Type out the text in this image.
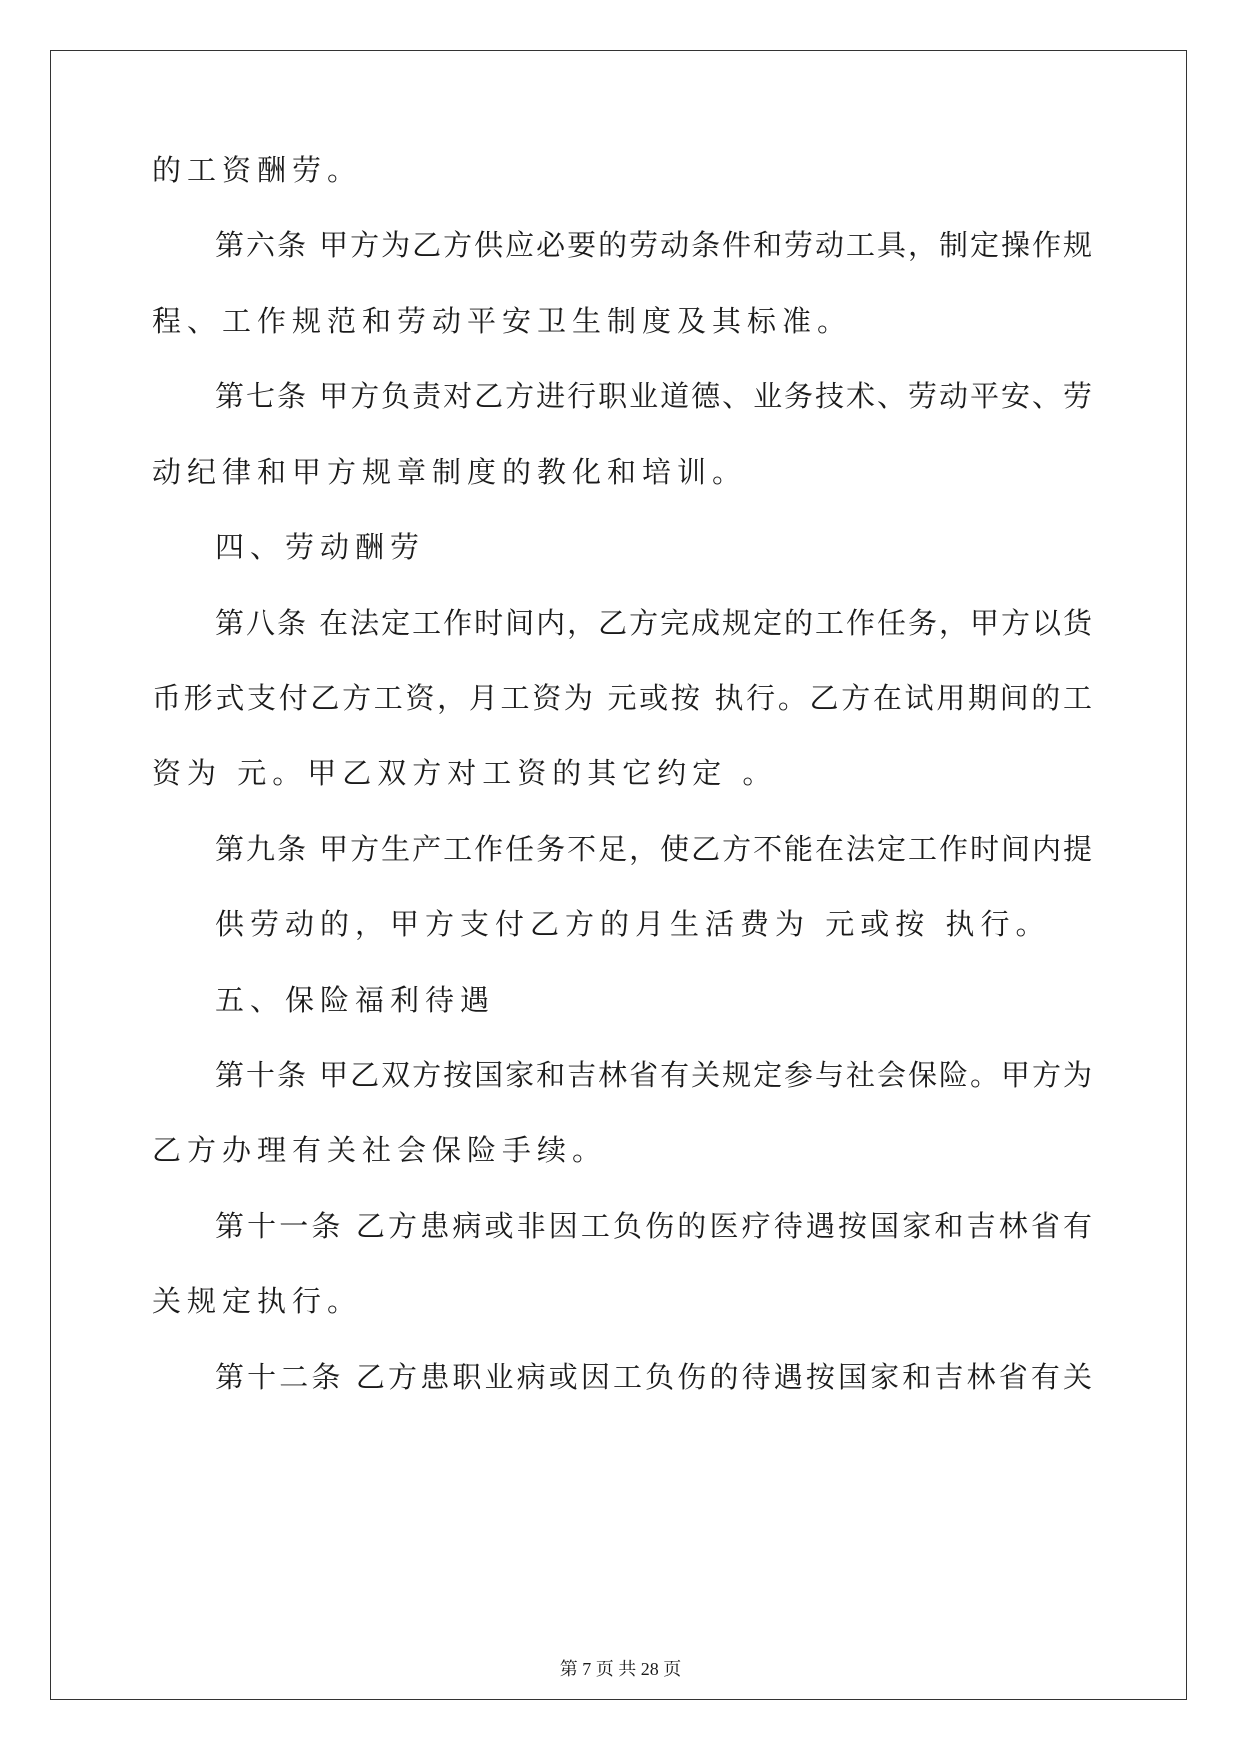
的工资酬劳。
第六条 甲方为乙方供应必要的劳动条件和劳动工具，制定操作规
程、工作规范和劳动平安卫生制度及其标准。
第七条 甲方负责对乙方进行职业道德、业务技术、劳动平安、劳
动纪律和甲方规章制度的教化和培训。
四、劳动酬劳
第八条 在法定工作时间内，乙方完成规定的工作任务，甲方以货
币形式支付乙方工资，月工资为 元或按 执行。乙方在试用期间的工
资为 元。甲乙双方对工资的其它约定 。
第九条 甲方生产工作任务不足，使乙方不能在法定工作时间内提
供劳动的，甲方支付乙方的月生活费为 元或按 执行。
五、保险福利待遇
第十条 甲乙双方按国家和吉林省有关规定参与社会保险。甲方为
乙方办理有关社会保险手续。
第十一条 乙方患病或非因工负伤的医疗待遇按国家和吉林省有
关规定执行。
第十二条 乙方患职业病或因工负伤的待遇按国家和吉林省有关
第 7 页 共 28 页
